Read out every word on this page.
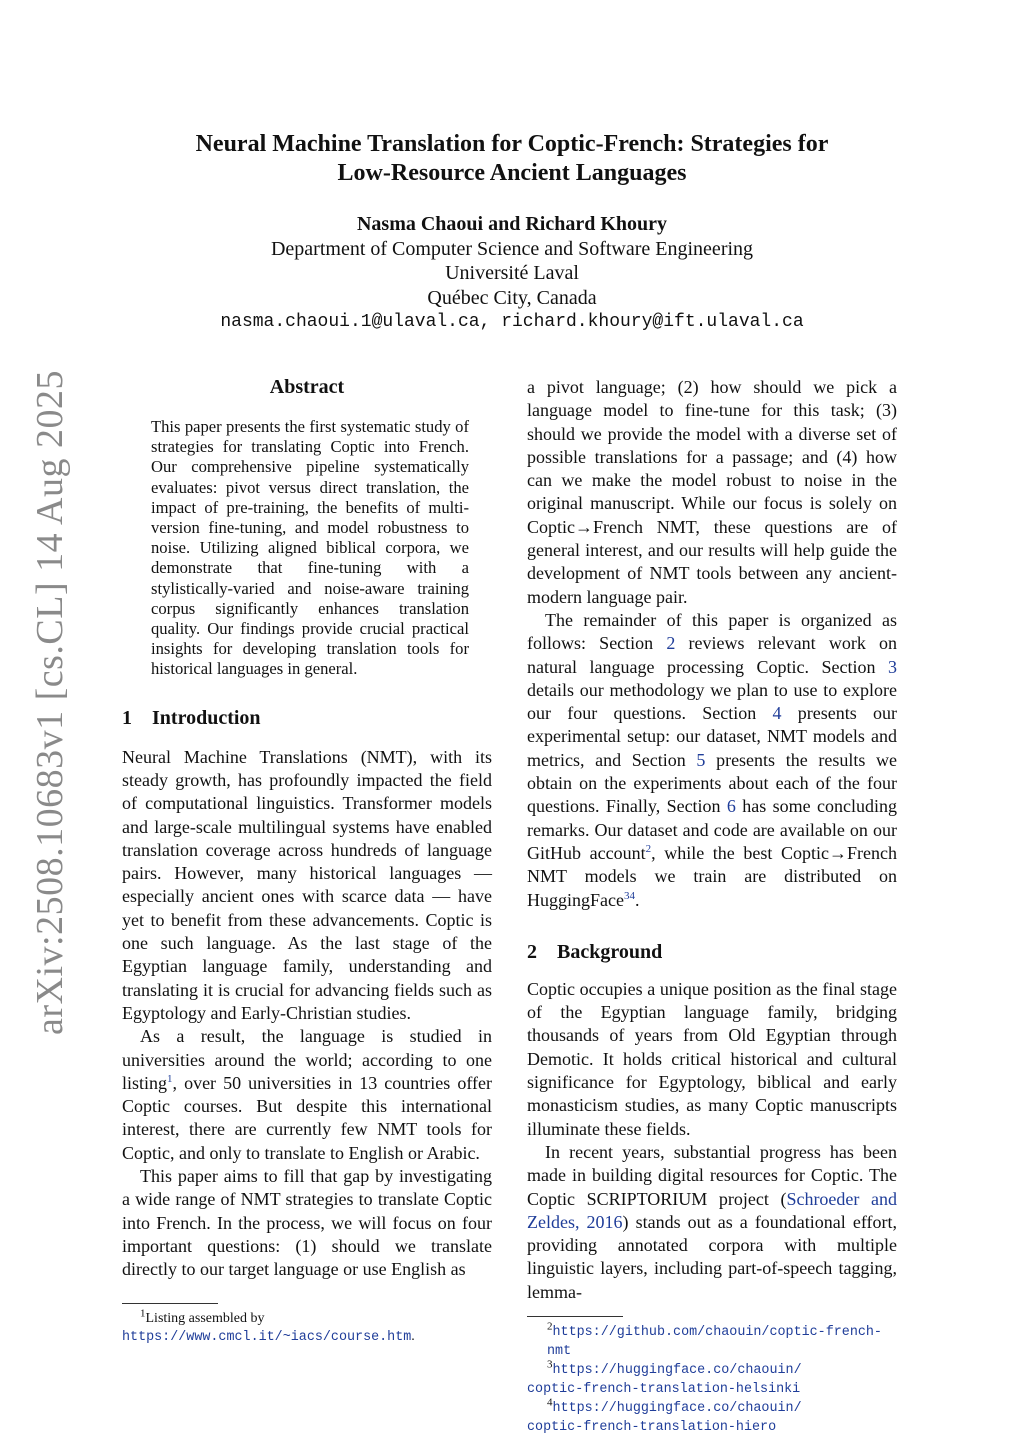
arXiv:2508.10683v1 [cs.CL] 14 Aug 2025
Neural Machine Translation for Coptic-French: Strategies for
Low-Resource Ancient Languages
Nasma Chaoui and Richard Khoury
Department of Computer Science and Software Engineering
Université Laval
Québec City, Canada
nasma.chaoui.1@ulaval.ca, richard.khoury@ift.ulaval.ca
Abstract
This paper presents the first systematic study of strategies for translating Coptic into French. Our comprehensive pipeline systematically evaluates: pivot versus direct translation, the impact of pre-training, the benefits of multi-version fine-tuning, and model robustness to noise. Utilizing aligned biblical corpora, we demonstrate that fine-tuning with a stylistically-varied and noise-aware training corpus significantly enhances translation quality. Our findings provide crucial practical insights for developing translation tools for historical languages in general.
1 Introduction

Neural Machine Translations (NMT), with its steady growth, has profoundly impacted the field of computational linguistics. Transformer models and large-scale multilingual systems have enabled translation coverage across hundreds of language pairs. However, many historical languages — especially ancient ones with scarce data — have yet to benefit from these advancements. Coptic is one such language. As the last stage of the Egyptian language family, understanding and translating it is crucial for advancing fields such as Egyptology and Early-Christian studies.

As a result, the language is studied in universities around the world; according to one listing$^1$, over 50 universities in 13 countries offer Coptic courses. But despite this international interest, there are currently few NMT tools for Coptic, and only to translate to English or Arabic.

This paper aims to fill that gap by investigating a wide range of NMT strategies to translate Coptic into French. In the process, we will focus on four important questions: (1) should we translate directly to our target language or use English as

$^1$Listing assembled by https://www.cmcl.it/~iacs/course.htm.

a pivot language; (2) how should we pick a language model to fine-tune for this task; (3) should we provide the model with a diverse set of possible translations for a passage; and (4) how can we make the model robust to noise in the original manuscript. While our focus is solely on Coptic→French NMT, these questions are of general interest, and our results will help guide the development of NMT tools between any ancient-modern language pair.

The remainder of this paper is organized as follows: Section 2 reviews relevant work on natural language processing Coptic. Section 3 details our methodology we plan to use to explore our four questions. Section 4 presents our experimental setup: our dataset, NMT models and metrics, and Section 5 presents the results we obtain on the experiments about each of the four questions. Finally, Section 6 has some concluding remarks. Our dataset and code are available on our GitHub account$^2$, while the best Coptic→French NMT models we train are distributed on HuggingFace$^{34}$.

2 Background

Coptic occupies a unique position as the final stage of the Egyptian language family, bridging thousands of years from Old Egyptian through Demotic. It holds critical historical and cultural significance for Egyptology, biblical and early monasticism studies, as many Coptic manuscripts illuminate these fields.

In recent years, substantial progress has been made in building digital resources for Coptic. The Coptic SCRIPTORIUM project (Schroeder and Zeldes, 2016) stands out as a foundational effort, providing annotated corpora with multiple linguistic layers, including part-of-speech tagging, lemma-

$^2$https://github.com/chaouin/coptic-french-nmt

$^3$https://huggingface.co/chaouin/

coptic-french-translation-helsinki

$^4$https://huggingface.co/chaouin/

coptic-french-translation-hiero
